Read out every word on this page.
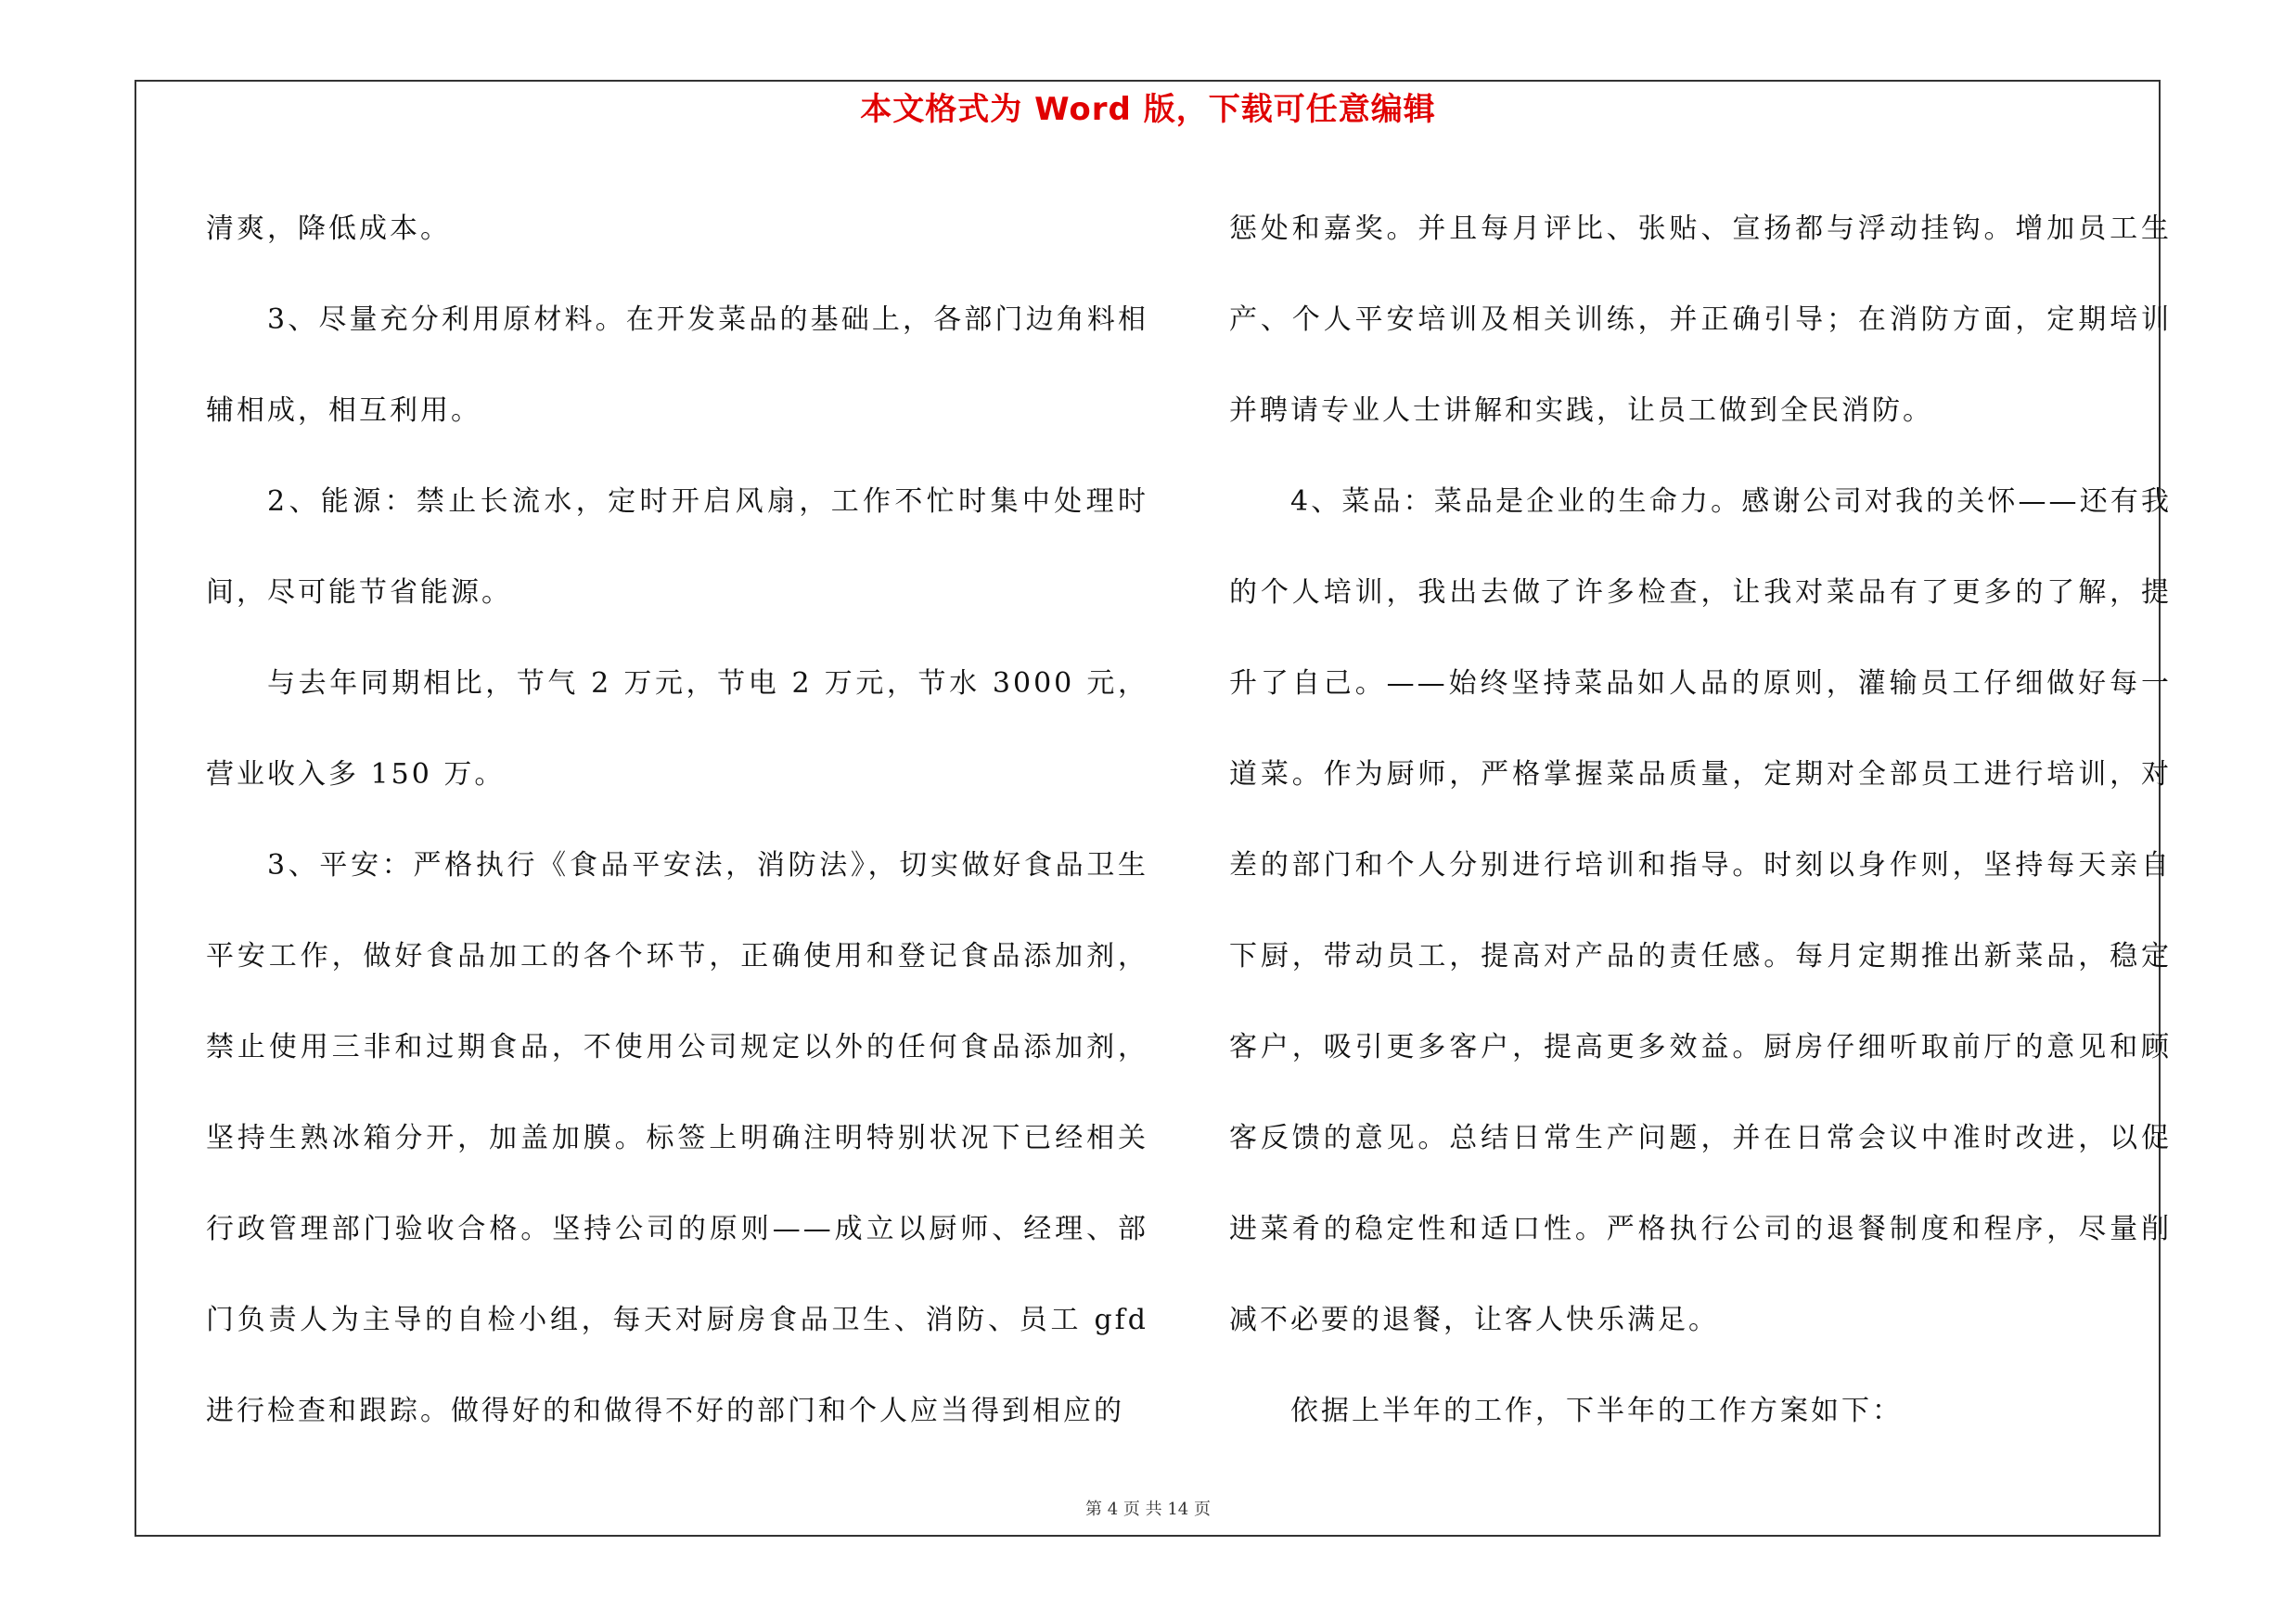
本文格式为 Word 版，下载可任意编辑

清爽，降低成本。

3、尽量充分利用原材料。在开发菜品的基础上，各部门边角料相辅相成，相互利用。

2、能源：禁止长流水，定时开启风扇，工作不忙时集中处理时间，尽可能节省能源。

与去年同期相比，节气 2 万元，节电 2 万元，节水 3000 元，营业收入多 150 万。

3、平安：严格执行《食品平安法，消防法》，切实做好食品卫生平安工作，做好食品加工的各个环节，正确使用和登记食品添加剂，禁止使用三非和过期食品，不使用公司规定以外的任何食品添加剂，坚持生熟冰箱分开，加盖加膜。标签上明确注明特别状况下已经相关行政管理部门验收合格。坚持公司的原则——成立以厨师、经理、部门负责人为主导的自检小组，每天对厨房食品卫生、消防、员工 gfd 进行检查和跟踪。做得好的和做得不好的部门和个人应当得到相应的

惩处和嘉奖。并且每月评比、张贴、宣扬都与浮动挂钩。增加员工生产、个人平安培训及相关训练，并正确引导；在消防方面，定期培训并聘请专业人士讲解和实践，让员工做到全民消防。

4、菜品：菜品是企业的生命力。感谢公司对我的关怀——还有我的个人培训，我出去做了许多检查，让我对菜品有了更多的了解，提升了自己。——始终坚持菜品如人品的原则，灌输员工仔细做好每一道菜。作为厨师，严格掌握菜品质量，定期对全部员工进行培训，对差的部门和个人分别进行培训和指导。时刻以身作则，坚持每天亲自下厨，带动员工，提高对产品的责任感。每月定期推出新菜品，稳定客户，吸引更多客户，提高更多效益。厨房仔细听取前厅的意见和顾客反馈的意见。总结日常生产问题，并在日常会议中准时改进，以促进菜肴的稳定性和适口性。严格执行公司的退餐制度和程序，尽量削减不必要的退餐，让客人快乐满足。

依据上半年的工作，下半年的工作方案如下：

第 4 页 共 14 页
